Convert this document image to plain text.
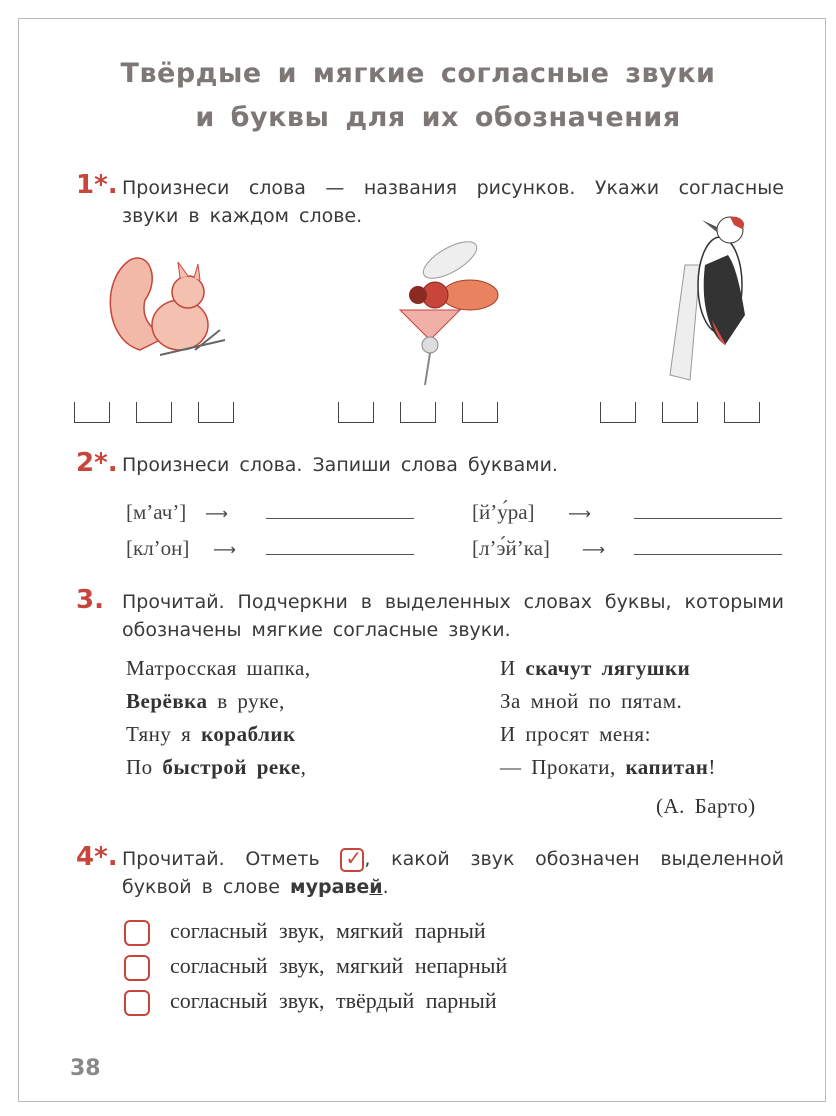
Твёрдые и мягкие согласные звуки
и буквы для их обозначения
1*. Произнеси слова — названия рисунков. Укажи согласные звуки в каждом слове.

2*. Произнеси слова. Запиши слова буквами.
[м’ач’] ⟶
[кл’он] ⟶
[й’у́ра] ⟶
[л’э́й’ка] ⟶
3. Прочитай. Подчеркни в выделенных словах буквы, которыми обозначены мягкие согласные звуки.
Матросская шапка,
Верёвка в руке,
Тяну я кораблик
По быстрой реке,
И скачут лягушки
За мной по пятам.
И просят меня:
— Прокати, капитан!
(А. Барто)
4*. Прочитай. Отметь ✓ , какой звук обозначен выделенной буквой в слове муравей.
согласный звук, мягкий парный
согласный звук, мягкий непарный
согласный звук, твёрдый парный
38
